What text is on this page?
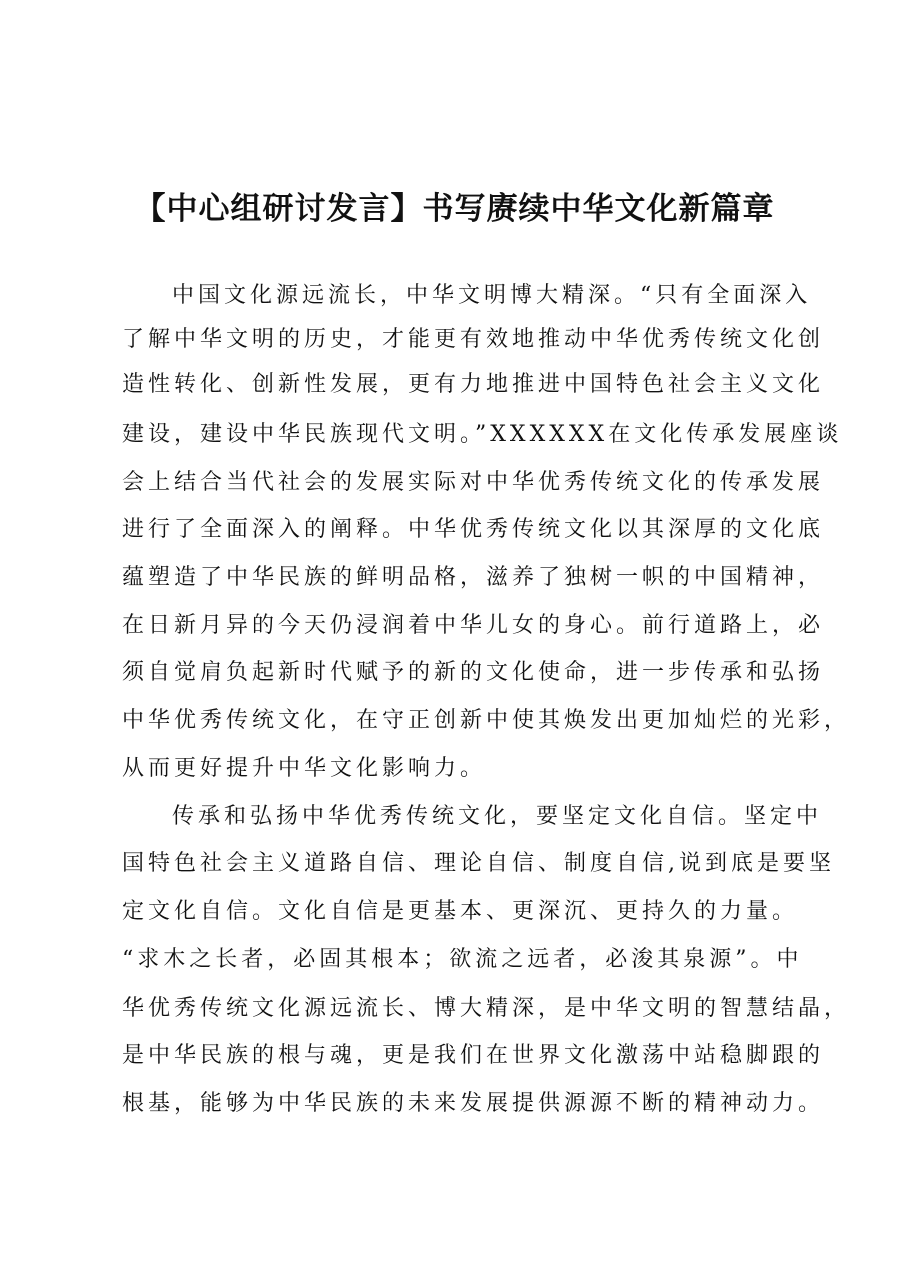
【中心组研讨发言】书写赓续中华文化新篇章
中国文化源远流长，中华文明博大精深。“只有全面深入
了解中华文明的历史，才能更有效地推动中华优秀传统文化创
造性转化、创新性发展，更有力地推进中国特色社会主义文化
建设，建设中华民族现代文明。”XXXXXX在文化传承发展座谈
会上结合当代社会的发展实际对中华优秀传统文化的传承发展
进行了全面深入的阐释。中华优秀传统文化以其深厚的文化底
蕴塑造了中华民族的鲜明品格，滋养了独树一帜的中国精神，
在日新月异的今天仍浸润着中华儿女的身心。前行道路上，必
须自觉肩负起新时代赋予的新的文化使命，进一步传承和弘扬
中华优秀传统文化，在守正创新中使其焕发出更加灿烂的光彩，
从而更好提升中华文化影响力。
传承和弘扬中华优秀传统文化，要坚定文化自信。坚定中
国特色社会主义道路自信、理论自信、制度自信,说到底是要坚
定文化自信。文化自信是更基本、更深沉、更持久的力量。
“求木之长者，必固其根本；欲流之远者，必浚其泉源”。中
华优秀传统文化源远流长、博大精深，是中华文明的智慧结晶，
是中华民族的根与魂，更是我们在世界文化激荡中站稳脚跟的
根基，能够为中华民族的未来发展提供源源不断的精神动力。
